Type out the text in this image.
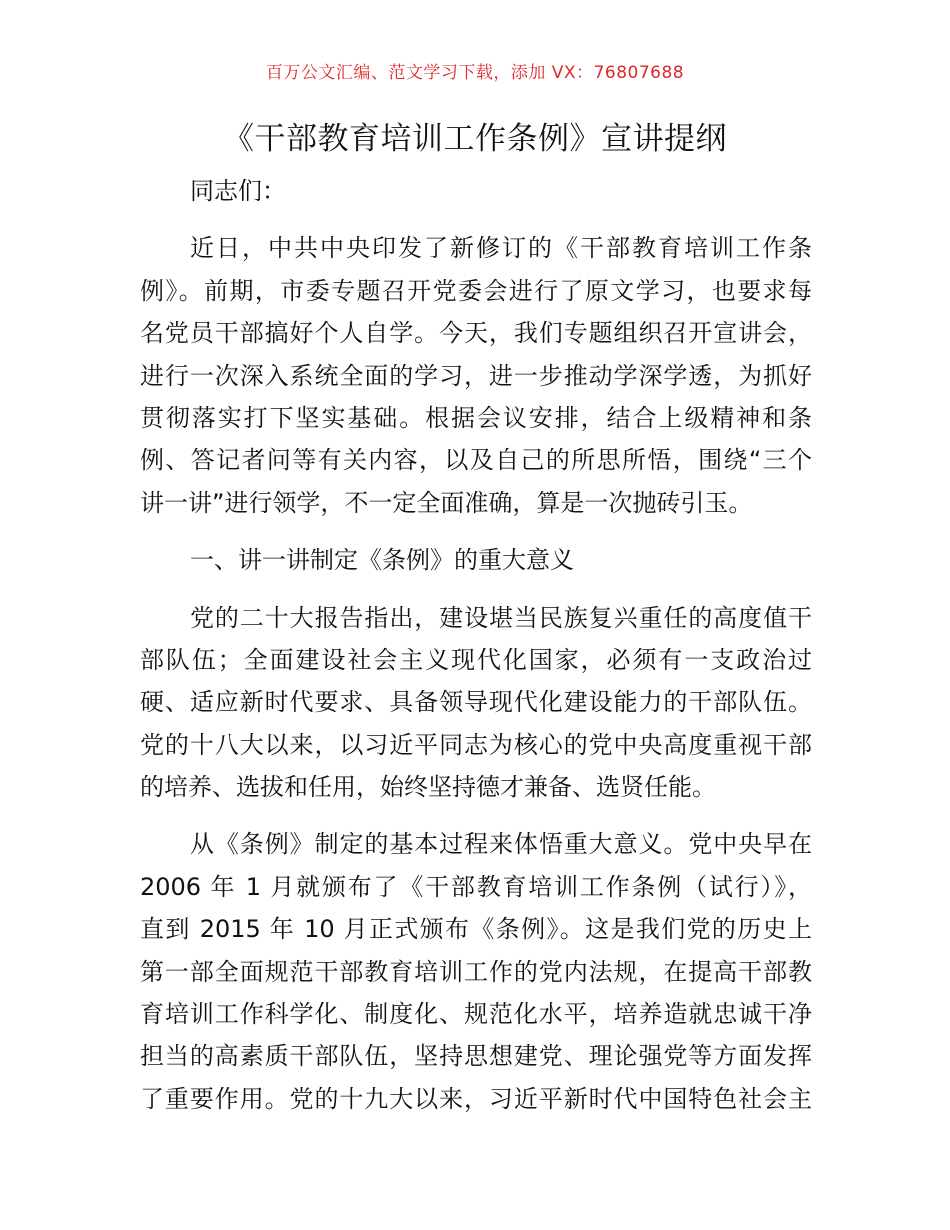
百万公文汇编、范文学习下载，添加 VX：76807688
《干部教育培训工作条例》宣讲提纲
同志们：
近日，中共中央印发了新修订的《干部教育培训工作条
例》。前期，市委专题召开党委会进行了原文学习，也要求每
名党员干部搞好个人自学。今天，我们专题组织召开宣讲会，
进行一次深入系统全面的学习，进一步推动学深学透，为抓好
贯彻落实打下坚实基础。根据会议安排，结合上级精神和条
例、答记者问等有关内容，以及自己的所思所悟，围绕“三个
讲一讲”进行领学，不一定全面准确，算是一次抛砖引玉。
一、讲一讲制定《条例》的重大意义
党的二十大报告指出，建设堪当民族复兴重任的高度值干
部队伍；全面建设社会主义现代化国家，必须有一支政治过
硬、适应新时代要求、具备领导现代化建设能力的干部队伍。
党的十八大以来，以习近平同志为核心的党中央高度重视干部
的培养、选拔和任用，始终坚持德才兼备、选贤任能。
从《条例》制定的基本过程来体悟重大意义。党中央早在
2006 年 1 月就颁布了《干部教育培训工作条例（试行）》，
直到 2015 年 10 月正式颁布《条例》。这是我们党的历史上
第一部全面规范干部教育培训工作的党内法规，在提高干部教
育培训工作科学化、制度化、规范化水平，培养造就忠诚干净
担当的高素质干部队伍，坚持思想建党、理论强党等方面发挥
了重要作用。党的十九大以来，习近平新时代中国特色社会主
